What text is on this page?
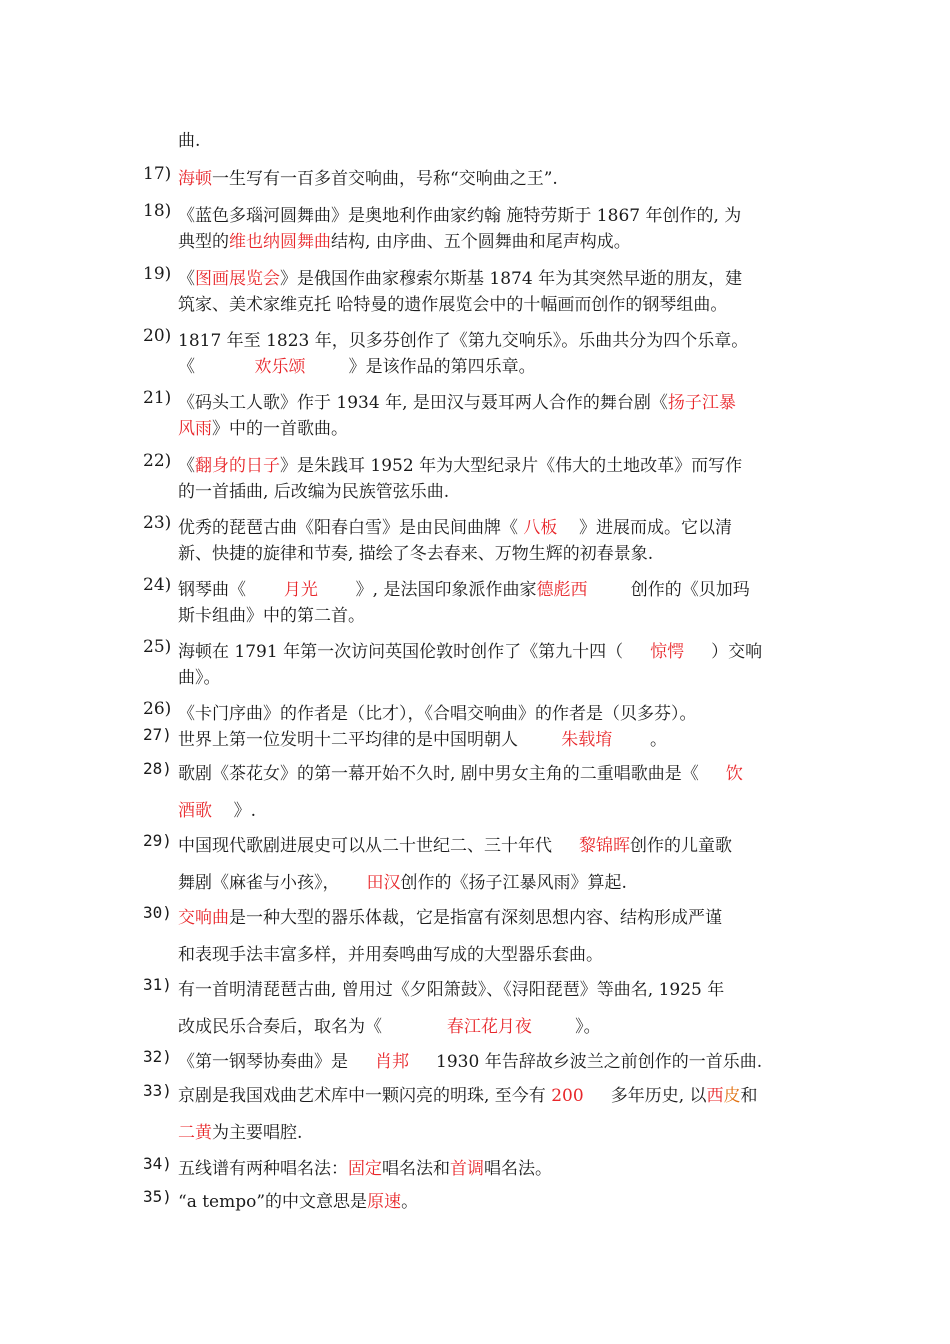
曲.
17) 海顿一生写有一百多首交响曲，号称“交响曲之王”.
18) 《蓝色多瑙河圆舞曲》是奥地利作曲家约翰 施特劳斯于 1867 年创作的, 为
典型的维也纳圆舞曲结构, 由序曲、五个圆舞曲和尾声构成。
19) 《图画展览会》是俄国作曲家穆索尔斯基 1874 年为其突然早逝的朋友，建
筑家、美术家维克托 哈特曼的遗作展览会中的十幅画而创作的钢琴组曲。
20) 1817 年至 1823 年，贝多芬创作了《第九交响乐》。乐曲共分为四个乐章。
《           欢乐颂        》是该作品的第四乐章。
21) 《码头工人歌》作于 1934 年, 是田汉与聂耳两人合作的舞台剧《扬子江暴
风雨》中的一首歌曲。
22) 《翻身的日子》是朱践耳 1952 年为大型纪录片《伟大的土地改革》而写作
的一首插曲, 后改编为民族管弦乐曲.
23) 优秀的琵琶古曲《阳春白雪》是由民间曲牌《 八板    》进展而成。它以清
新、快捷的旋律和节奏, 描绘了冬去春来、万物生辉的初春景象.
24) 钢琴曲《       月光       》, 是法国印象派作曲家德彪西        创作的《贝加玛
斯卡组曲》中的第二首。
25) 海顿在 1791 年第一次访问英国伦敦时创作了《第九十四（     惊愕     ）交响
曲》。
26) 《卡门序曲》的作者是（比才），《合唱交响曲》的作者是（贝多芬）。
27) 世界上第一位发明十二平均律的是中国明朝人        朱载堉       。
28) 歌剧《茶花女》的第一幕开始不久时, 剧中男女主角的二重唱歌曲是《     饮
酒歌    》.
29) 中国现代歌剧进展史可以从二十世纪二、三十年代     黎锦晖创作的儿童歌
舞剧《麻雀与小孩》，     田汉创作的《扬子江暴风雨》算起.
30) 交响曲是一种大型的器乐体裁，它是指富有深刻思想内容、结构形成严谨
和表现手法丰富多样，并用奏鸣曲写成的大型器乐套曲。
31) 有一首明清琵琶古曲, 曾用过《夕阳箫鼓》、《浔阳琵琶》等曲名, 1925 年
改成民乐合奏后，取名为《            春江花月夜        》。
32) 《第一钢琴协奏曲》是     肖邦     1930 年告辞故乡波兰之前创作的一首乐曲.
33) 京剧是我国戏曲艺术库中一颗闪亮的明珠, 至今有 200     多年历史, 以西皮和
二黄为主要唱腔.
34) 五线谱有两种唱名法：固定唱名法和首调唱名法。
35) “a tempo”的中文意思是原速。
